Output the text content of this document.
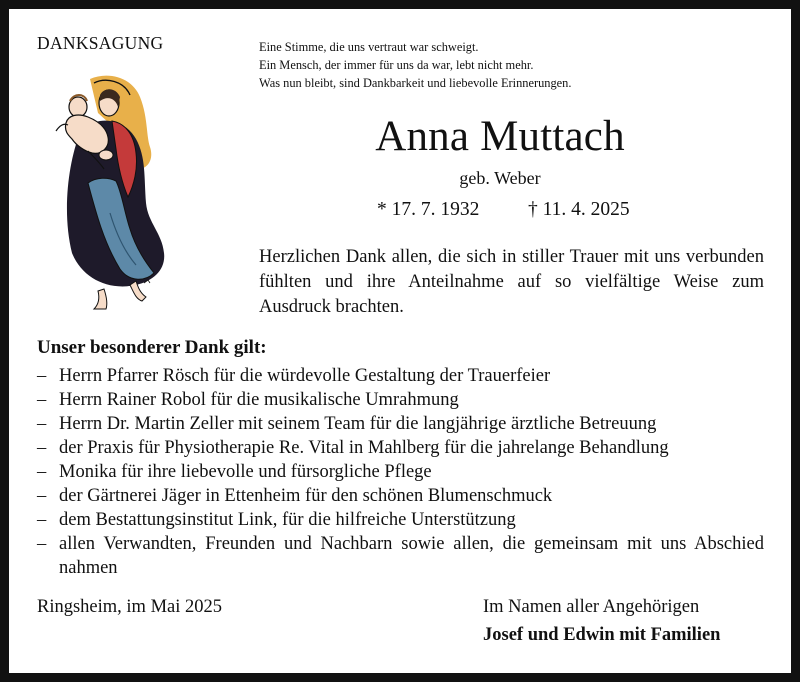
DANKSAGUNG	Eine Stimme, die uns vertraut war schweigt.
Ein Mensch, der immer für uns da war, lebt nicht mehr.
Was nun bleibt, sind Dankbarkeit und liebevolle Erinnerungen.
Anna Muttach
geb. Weber
* 17. 7. 1932 † 11. 4. 2025
Herzlichen Dank allen, die sich in stiller Trauer mit uns verbunden fühlten und ihre Anteilnahme auf so vielfältige Weise zum Ausdruck brachten.
Unser besonderer Dank gilt:
– Herrn Pfarrer Rösch für die würdevolle Gestaltung der Trauerfeier
– Herrn Rainer Robol für die musikalische Umrahmung
– Herrn Dr. Martin Zeller mit seinem Team für die langjährige ärztliche Betreuung
– der Praxis für Physiotherapie Re. Vital in Mahlberg für die jahrelange Behandlung
– Monika für ihre liebevolle und fürsorgliche Pflege
– der Gärtnerei Jäger in Ettenheim für den schönen Blumenschmuck
– dem Bestattungsinstitut Link, für die hilfreiche Unterstützung
– allen Verwandten, Freunden und Nachbarn sowie allen, die gemeinsam mit uns Abschied nahmen
Ringsheim, im Mai 2025	Im Namen aller Angehörigen
Josef und Edwin mit Familien
